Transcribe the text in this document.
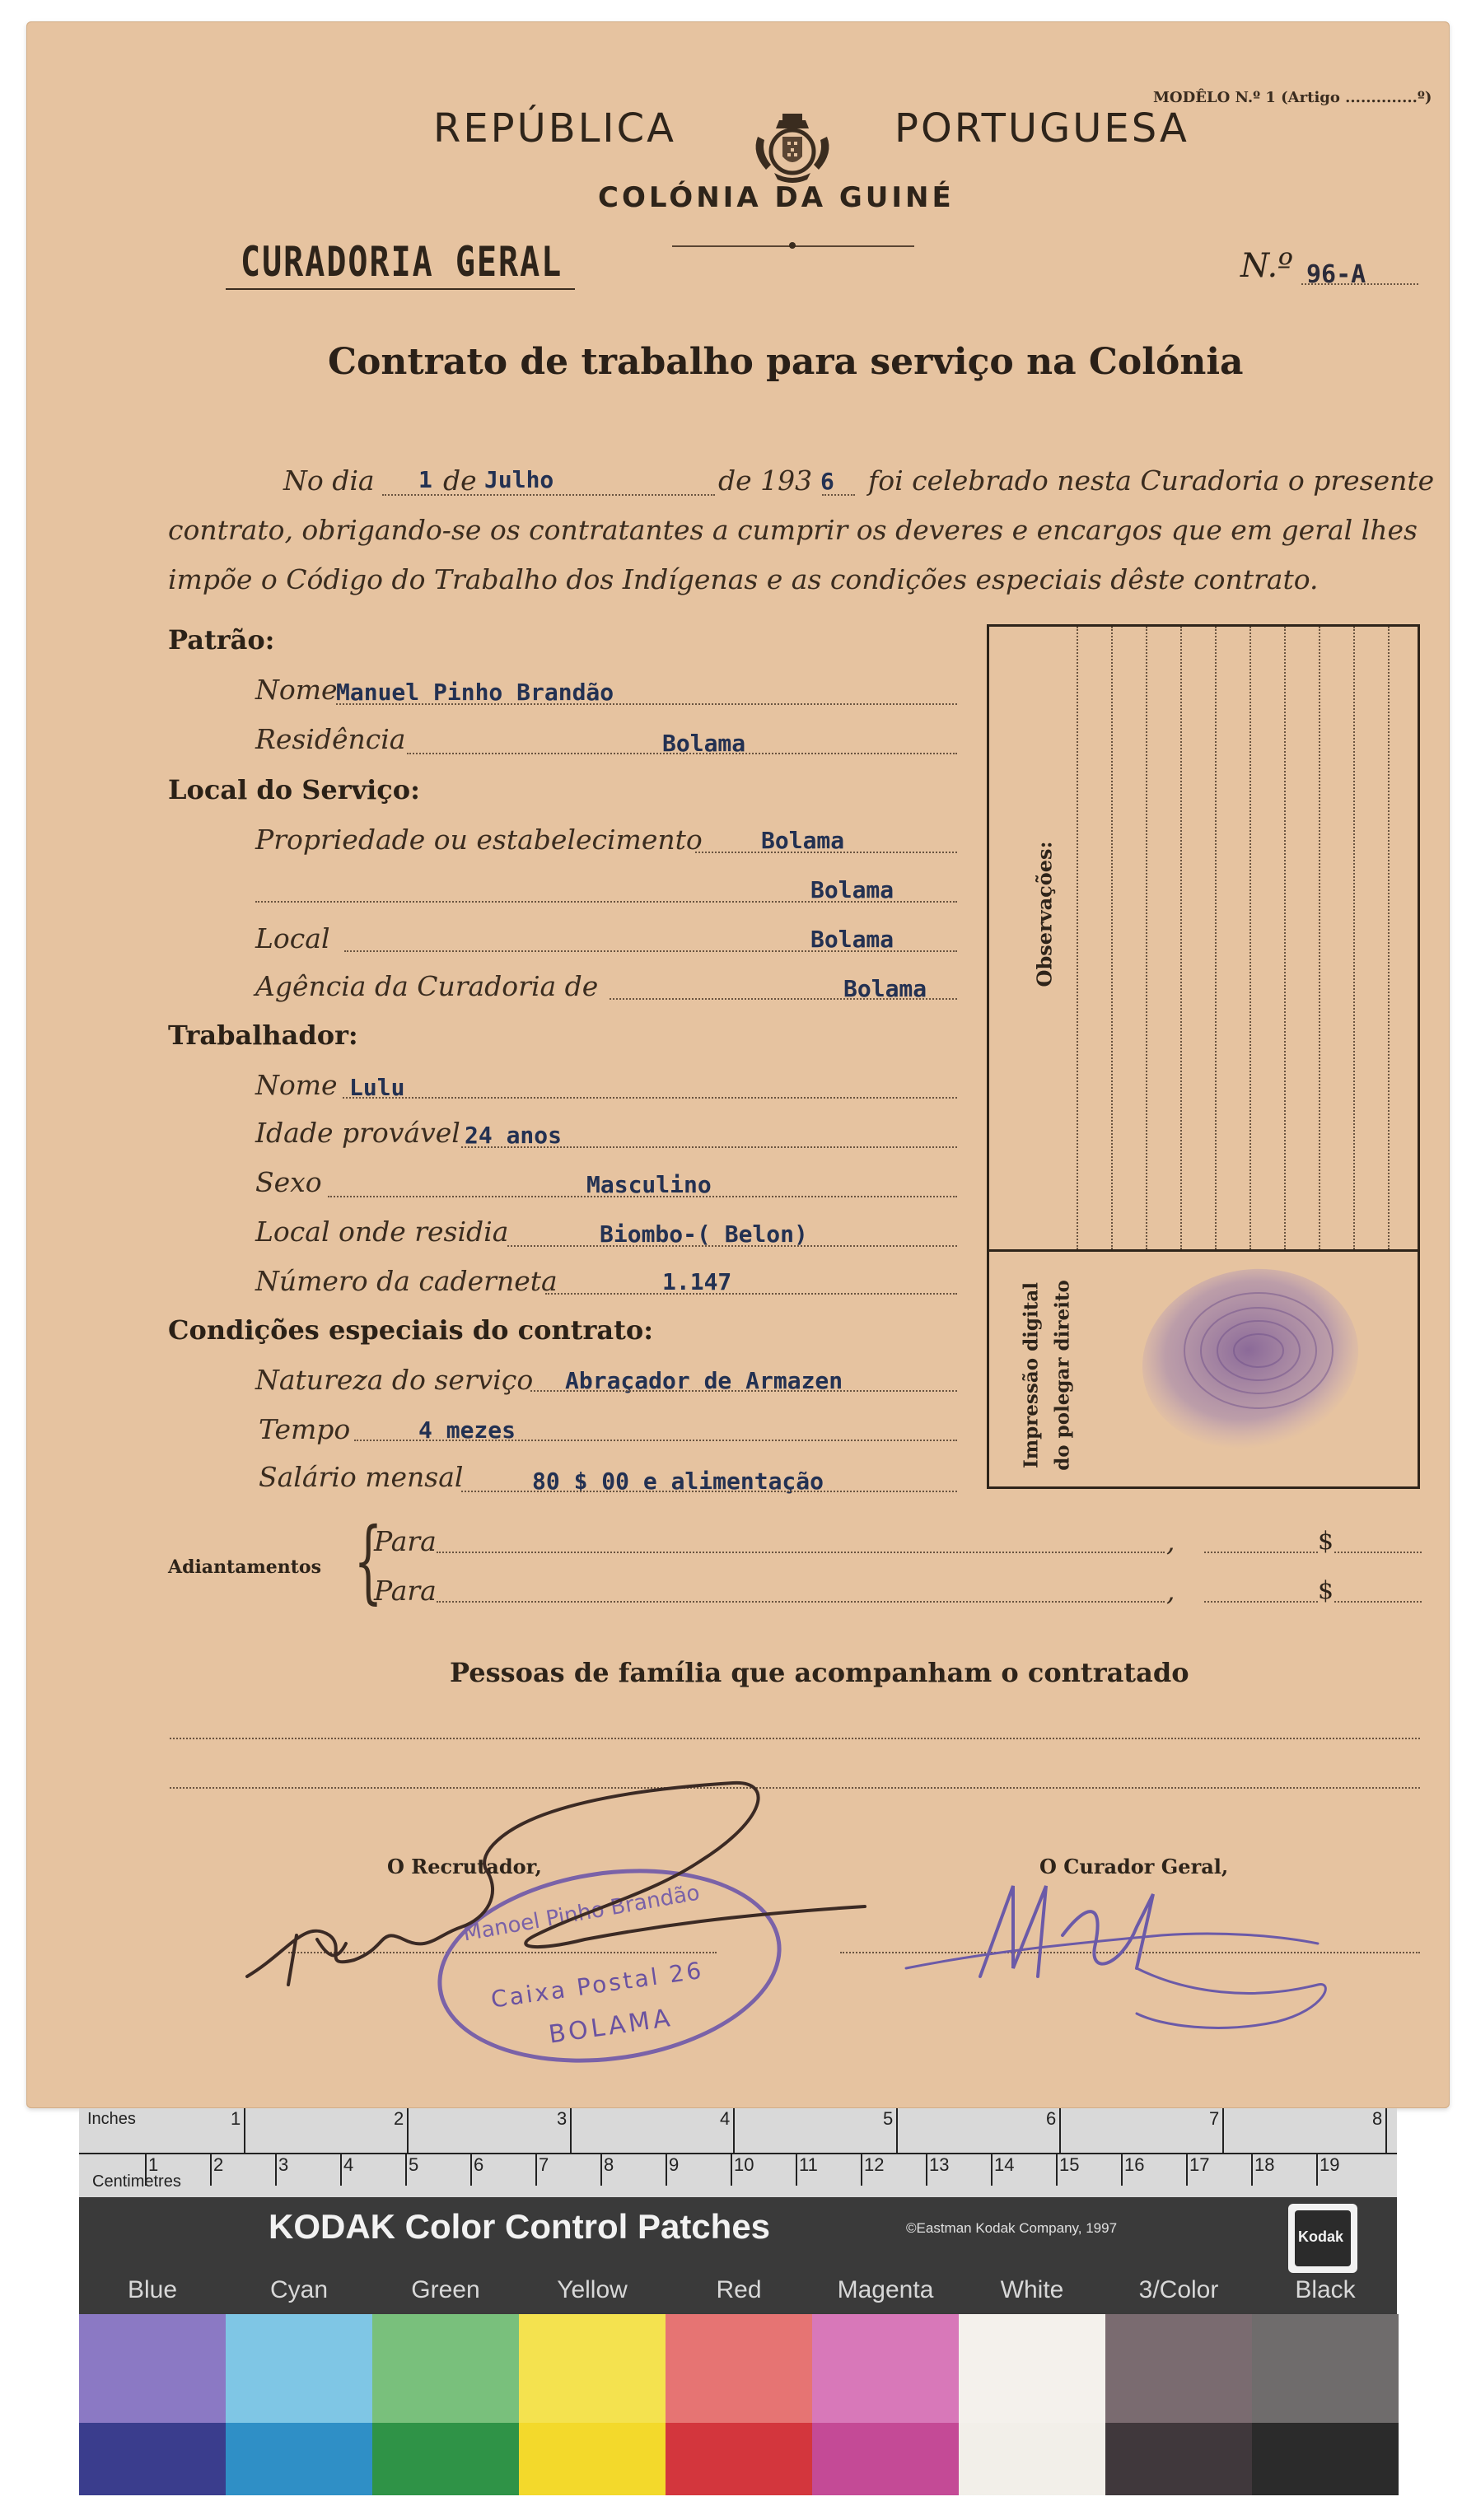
MODÊLO N.º 1 (Artigo ..............º)
REPÚBLICA	PORTUGUESA
COLÓNIA DA GUINÉ
CURADORIA GERAL	N.º 96-A
Contrato de trabalho para serviço na Colónia
No dia 1 de Julho	de 193 6 foi celebrado nesta Curadoria o presente
contrato, obrigando-se os contratantes a cumprir os deveres e encargos que em geral lhes
impõe o Código do Trabalho dos Indígenas e as condições especiais dêste contrato.
Patrão:
Nome
Manuel Pinho Brandão
Residência	Bolama
Local do Serviço:
Propriedade ou estabelecimento	Bolama
Bolama
Local	Bolama
Agência da Curadoria de	Bolama
Trabalhador:
Nome Lulu
Idade provável 24 anos
Sexo	Masculino
Local onde residia	Biombo-( Belon)
Número da caderneta	1.147
Condições especiais do contrato:
Natureza do serviço Abraçador de Armazen
Tempo	4 mezes
Salário mensal	80 $ 00 e alimentação
Observações:
Impressão digital do polegar direito
Adiantamentos {
Para	,	$
Para	,	$
Pessoas de família que acompanham o contratado
O Recrutador,	O Curador Geral,
Manoel Pinho Brandão
Caixa Postal 26
BOLAMA
Inches
Centimetres
1	2	3	4	5	6	7	8
1	2	3	4	5	6	7	8	9	10 11	12 13 14 15 16 17 18 19
KODAK Color Control Patches	©Eastman Kodak Company, 1997
Kodak
Blue	Cyan	Green	Yellow	Red	Magenta	White	3/Color	Black
